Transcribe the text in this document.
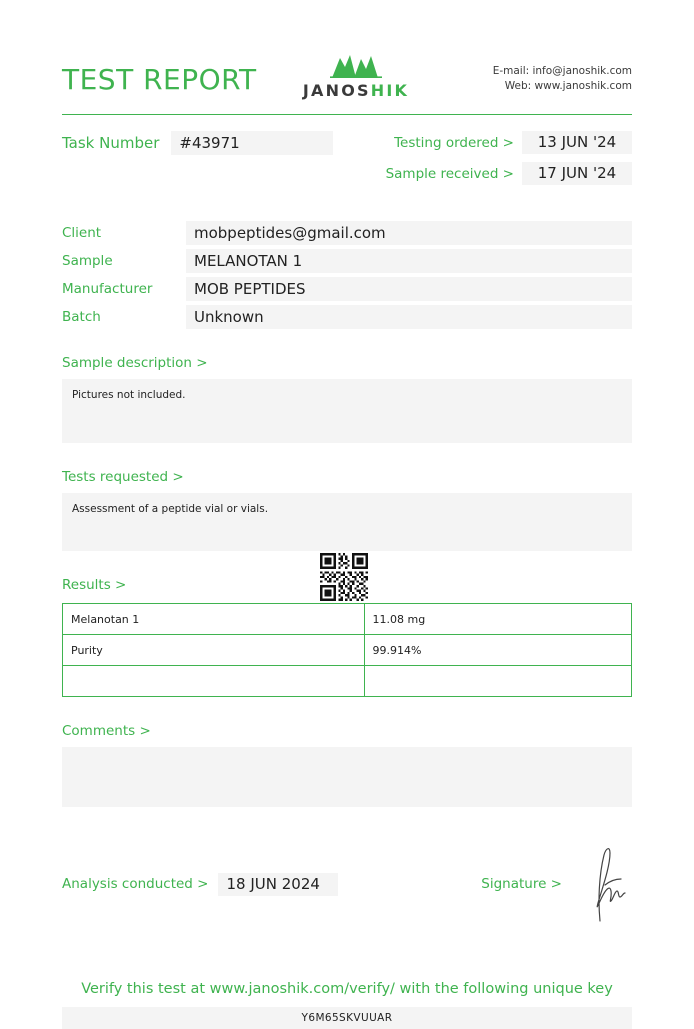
TEST REPORT	JANOSHIK
E-mail: info@janoshik.com
Web: www.janoshik.com
Task Number	#43971	Testing ordered >	13 JUN '24
Sample received >	17 JUN '24
Client	mobpeptides@gmail.com
Sample	MELANOTAN 1
Manufacturer	MOB PEPTIDES
Batch	Unknown
Sample description >
Pictures not included.
Tests requested >
Assessment of a peptide vial or vials.
Results >
Melanotan 1	11.08 mg
Purity	99.914%

Comments >
Analysis conducted >	18 JUN 2024	Signature >
Verify this test at www.janoshik.com/verify/ with the following unique key
Y6M65SKVUUAR
